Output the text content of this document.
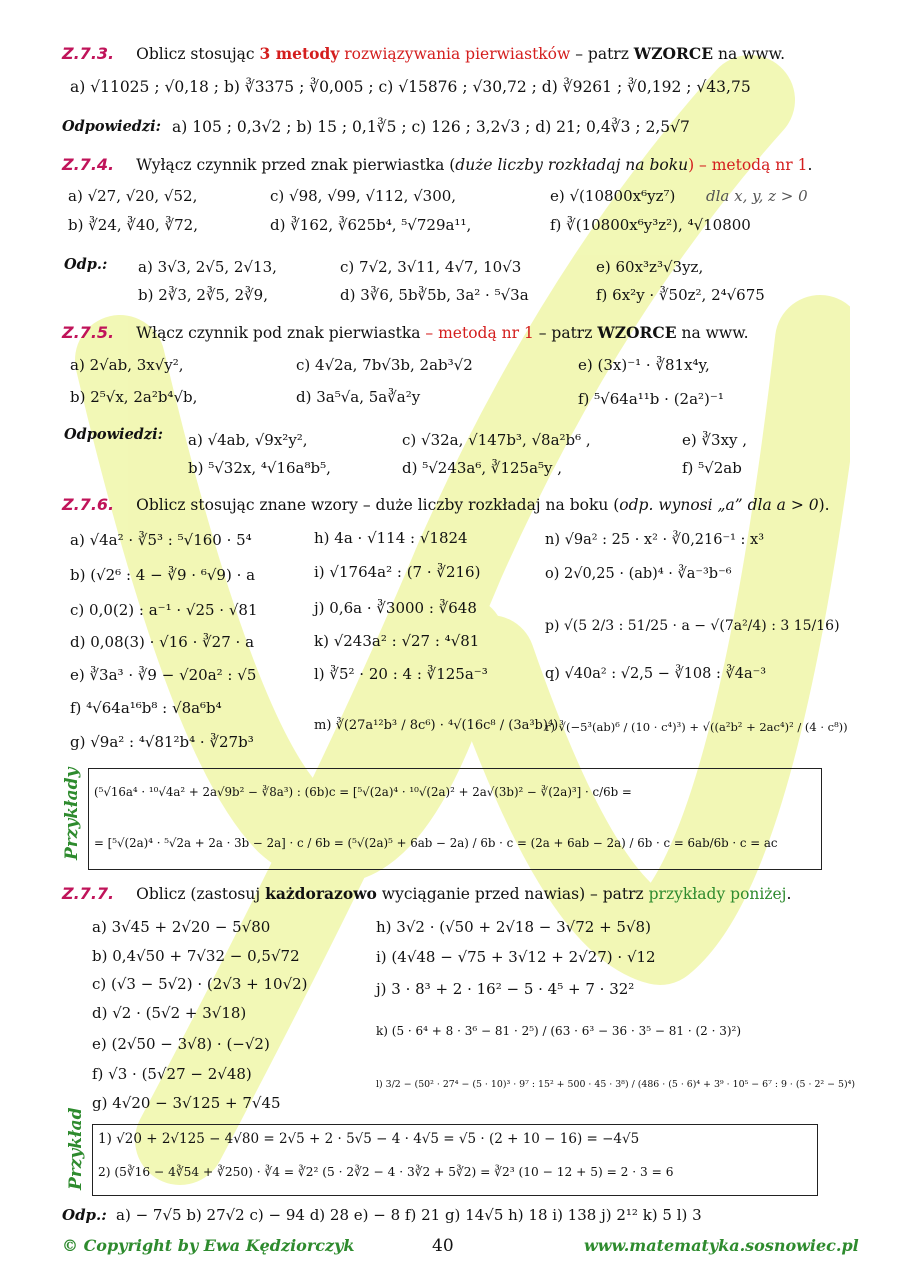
Z.7.3. Oblicz stosując 3 metody rozwiązywania pierwiastków – patrz WZORCE na www.
a) √11025 ; √0,18 ; b) ∛3375 ; ∛0,005 ; c) √15876 ; √30,72 ; d) ∛9261 ; ∛0,192 ; √43,75
Odpowiedzi: a) 105 ; 0,3√2 ; b) 15 ; 0,1∛5 ; c) 126 ; 3,2√3 ; d) 21; 0,4∛3 ; 2,5√7
Z.7.4. Wyłącz czynnik przed znak pierwiastka (duże liczby rozkładaj na boku) – metodą nr 1.
a) √27, √20, √52,	c) √98, √99, √112, √300,	e) √(10800x⁶yz⁷) dla x, y, z > 0
b) ∛24, ∛40, ∛72,	d) ∛162, ∛625b⁴, ⁵√729a¹¹,	f) ∛(10800x⁶y³z²), ⁴√10800
Odp.: a) 3√3, 2√5, 2√13,	c) 7√2, 3√11, 4√7, 10√3	e) 60x³z³√3yz,
b) 2∛3, 2∛5, 2∛9,	d) 3∛6, 5b∛5b, 3a² · ⁵√3a	f) 6x²y · ∛50z², 2⁴√675
Z.7.5. Włącz czynnik pod znak pierwiastka – metodą nr 1 – patrz WZORCE na www.
a) 2√ab, 3x√y²,	c) 4√2a, 7b√3b, 2ab³√2	e) (3x)⁻¹ · ∛81x⁴y,
b) 2⁵√x, 2a²b⁴√b,	d) 3a⁵√a, 5a∛a²y	f) ⁵√64a¹¹b · (2a²)⁻¹
Odpowiedzi: a) √4ab, √9x²y²,	c) √32a, √147b³, √8a²b⁶ ,	e) ∛3xy ,
b) ⁵√32x, ⁴√16a⁸b⁵,	d) ⁵√243a⁶, ∛125a⁵y ,	f) ⁵√2ab
Z.7.6. Oblicz stosując znane wzory – duże liczby rozkładaj na boku (odp. wynosi „a” dla a > 0).
a) √4a² · ∛5³ : ⁵√160 · 5⁴
b) (√2⁶ : 4 − ∛9 · ⁶√9) · a
c) 0,0(2) : a⁻¹ · √25 · √81
d) 0,08(3) · √16 · ∛27 · a
e) ∛3a³ · ∛9 − √20a² : √5
f) ⁴√64a¹⁶b⁸ : √8a⁶b⁴
g) √9a² : ⁴√81²b⁴ · ∛27b³
h) 4a · √114 : √1824
i) √1764a² : (7 · ∛216)
j) 0,6a · ∛3000 : ∛648
k) √243a² : √27 : ⁴√81
l) ∛5² · 20 : 4 : ∛125a⁻³
m) ∛(27a¹²b³ / 8c⁶) · ⁴√(16c⁸ / (3a³b)⁴)
n) √9a² : 25 · x² · ∛0,216⁻¹ : x³
o) 2√0,25 · (ab)⁴ · ∛a⁻³b⁻⁶
p) √(5 2/3 : 51/25 · a − √(7a²/4) : 3 15/16)
q) √40a² : √2,5 − ∛108 : ∛4a⁻³
r) ∛(−5³(ab)⁶ / (10 · c⁴)³) + √((a²b² + 2ac⁴)² / (4 · c⁸))
Przykłady (⁵√16a⁴ · ¹⁰√4a² + 2a√9b² − ∛8a³) : (6b)c = [⁵√(2a)⁴ · ¹⁰√(2a)² + 2a√(3b)² − ∛(2a)³] · c/6b =
= [⁵√(2a)⁴ · ⁵√2a + 2a · 3b − 2a] · c / 6b = (⁵√(2a)⁵ + 6ab − 2a) / 6b · c = (2a + 6ab − 2a) / 6b · c = 6ab/6b · c = ac
Z.7.7. Oblicz (zastosuj każdorazowo wyciąganie przed nawias) – patrz przykłady poniżej.
a) 3√45 + 2√20 − 5√80
b) 0,4√50 + 7√32 − 0,5√72
c) (√3 − 5√2) · (2√3 + 10√2)
d) √2 · (5√2 + 3√18)
e) (2√50 − 3√8) · (−√2)
f) √3 · (5√27 − 2√48)
g) 4√20 − 3√125 + 7√45
h) 3√2 · (√50 + 2√18 − 3√72 + 5√8)
i) (4√48 − √75 + 3√12 + 2√27) · √12
j) 3 · 8³ + 2 · 16² − 5 · 4⁵ + 7 · 32²
k) (5 · 6⁴ + 8 · 3⁶ − 81 · 2⁵) / (63 · 6³ − 36 · 3⁵ − 81 · (2 · 3)²)
l) 3/2 − (50² · 27⁴ − (5 · 10)³ · 9⁷ : 15² + 500 · 45 · 3⁸) / (486 · (5 · 6)⁴ + 3⁹ · 10⁵ − 6⁷ : 9 · (5 · 2² − 5)⁴)
Przykład 1) √20 + 2√125 − 4√80 = 2√5 + 2 · 5√5 − 4 · 4√5 = √5 · (2 + 10 − 16) = −4√5
2) (5∛16 − 4∛54 + ∛250) · ∛4 = ∛2² (5 · 2∛2 − 4 · 3∛2 + 5∛2) = ∛2³ (10 − 12 + 5) = 2 · 3 = 6
Odp.: a) − 7√5 b) 27√2 c) − 94 d) 28 e) − 8 f) 21 g) 14√5 h) 18 i) 138 j) 2¹² k) 5 l) 3
© Copyright by Ewa Kędziorczyk	40	www.matematyka.sosnowiec.pl
